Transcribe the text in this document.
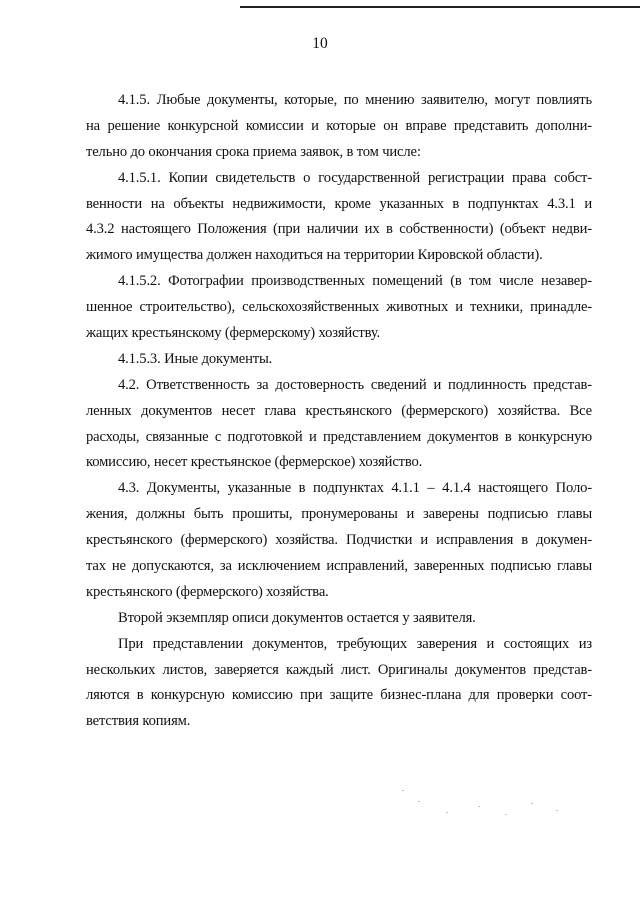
10
4.1.5. Любые документы, которые, по мнению заявителю, могут повлиять
на решение конкурсной комиссии и которые он вправе представить дополни-
тельно до окончания срока приема заявок, в том числе:
4.1.5.1. Копии свидетельств о государственной регистрации права собст-
венности на объекты недвижимости, кроме указанных в подпунктах 4.3.1 и
4.3.2 настоящего Положения (при наличии их в собственности) (объект недви-
жимого имущества должен находиться на территории Кировской области).
4.1.5.2. Фотографии производственных помещений (в том числе незавер-
шенное строительство), сельскохозяйственных животных и техники, принадле-
жащих крестьянскому (фермерскому) хозяйству.
4.1.5.3. Иные документы.
4.2. Ответственность за достоверность сведений и подлинность представ-
ленных документов несет глава крестьянского (фермерского) хозяйства. Все
расходы, связанные с подготовкой и представлением документов в конкурсную
комиссию, несет крестьянское (фермерское) хозяйство.
4.3. Документы, указанные в подпунктах 4.1.1 – 4.1.4 настоящего Поло-
жения, должны быть прошиты, пронумерованы и заверены подписью главы
крестьянского (фермерского) хозяйства. Подчистки и исправления в докумен-
тах не допускаются, за исключением исправлений, заверенных подписью главы
крестьянского (фермерского) хозяйства.
Второй экземпляр описи документов остается у заявителя.
При представлении документов, требующих заверения и состоящих из
нескольких листов, заверяется каждый лист. Оригиналы документов представ-
ляются в конкурсную комиссию при защите бизнес-плана для проверки соот-
ветствия копиям.
